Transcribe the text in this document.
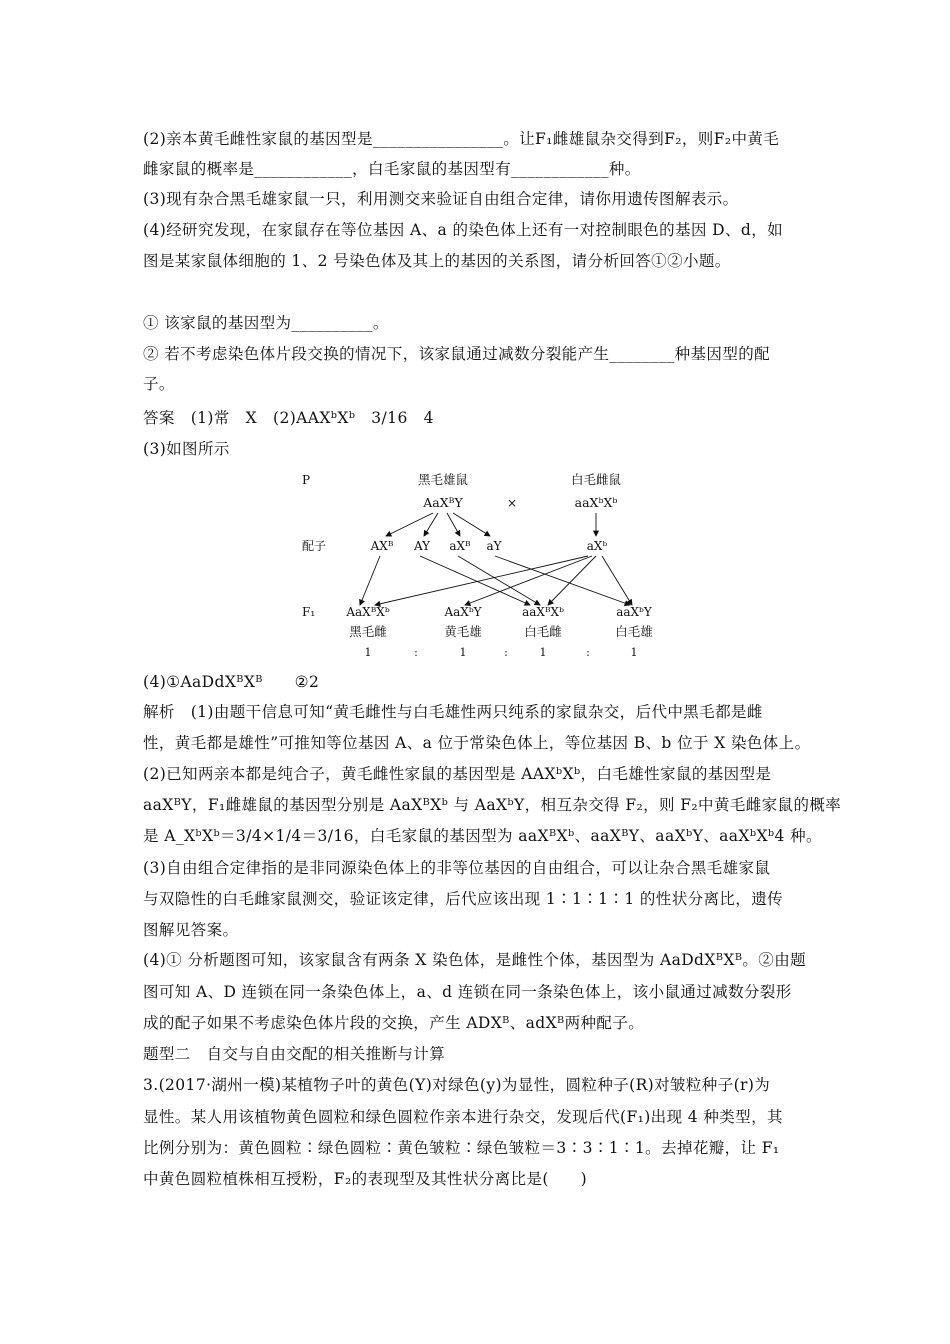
(2)亲本黄毛雌性家鼠的基因型是________________。让F₁雌雄鼠杂交得到F₂，则F₂中黄毛
雌家鼠的概率是____________，白毛家鼠的基因型有____________种。
(3)现有杂合黑毛雄家鼠一只，利用测交来验证自由组合定律，请你用遗传图解表示。
(4)经研究发现，在家鼠存在等位基因 A、a 的染色体上还有一对控制眼色的基因 D、d，如
图是某家鼠体细胞的 1、2 号染色体及其上的基因的关系图，请分析回答①②小题。
① 该家鼠的基因型为__________。
② 若不考虑染色体片段交换的情况下，该家鼠通过减数分裂能产生________种基因型的配
子。
答案　(1)常　X　(2)AAXᵇXᵇ　3/16　4
(3)如图所示
P	黑毛雄鼠
AaXᴮY	×
白毛雌鼠
aaXᵇXᵇ
配子	AXᴮ AY aXᴮ aY	aXᵇ
F₁	AaXᴮXᵇ	AaXᵇY	aaXᴮXᵇ	aaXᵇY
黑毛雌	黄毛雄	白毛雌	白毛雄
1	:	1	:	1	:	1
(4)①AaDdXᴮXᴮ　　②2
解析　(1)由题干信息可知“黄毛雌性与白毛雄性两只纯系的家鼠杂交，后代中黑毛都是雌
性，黄毛都是雄性”可推知等位基因 A、a 位于常染色体上，等位基因 B、b 位于 X 染色体上。
(2)已知两亲本都是纯合子，黄毛雌性家鼠的基因型是 AAXᵇXᵇ，白毛雄性家鼠的基因型是
aaXᴮY，F₁雌雄鼠的基因型分别是 AaXᴮXᵇ 与 AaXᵇY，相互杂交得 F₂，则 F₂中黄毛雌家鼠的概率
是 A_XᵇXᵇ＝3/4×1/4＝3/16，白毛家鼠的基因型为 aaXᴮXᵇ、aaXᴮY、aaXᵇY、aaXᵇXᵇ4 种。
(3)自由组合定律指的是非同源染色体上的非等位基因的自由组合，可以让杂合黑毛雄家鼠
与双隐性的白毛雌家鼠测交，验证该定律，后代应该出现 1∶1∶1∶1 的性状分离比，遗传
图解见答案。
(4)① 分析题图可知，该家鼠含有两条 X 染色体，是雌性个体，基因型为 AaDdXᴮXᴮ。②由题
图可知 A、D 连锁在同一条染色体上，a、d 连锁在同一条染色体上，该小鼠通过减数分裂形
成的配子如果不考虑染色体片段的交换，产生 ADXᴮ、adXᴮ两种配子。
题型二　自交与自由交配的相关推断与计算
3.(2017·湖州一模)某植物子叶的黄色(Y)对绿色(y)为显性，圆粒种子(R)对皱粒种子(r)为
显性。某人用该植物黄色圆粒和绿色圆粒作亲本进行杂交，发现后代(F₁)出现 4 种类型，其
比例分别为：黄色圆粒∶绿色圆粒∶黄色皱粒∶绿色皱粒＝3∶3∶1∶1。去掉花瓣，让 F₁
中黄色圆粒植株相互授粉，F₂的表现型及其性状分离比是(　　)
